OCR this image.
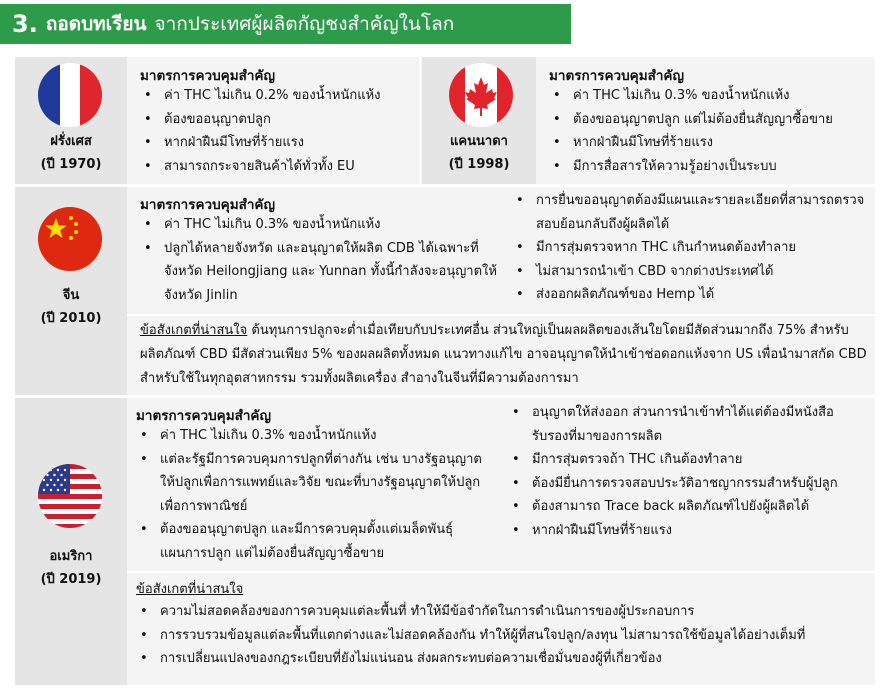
3. ถอดบทเรียน จากประเทศผู้ผลิตกัญชงสำคัญในโลก
ฝรั่งเศส
(ปี 1970)
มาตรการควบคุมสำคัญ
• ค่า THC ไม่เกิน 0.2% ของน้ำหนักแห้ง
• ต้องขออนุญาตปลูก
• หากฝ่าฝืนมีโทษที่ร้ายแรง
• สามารถกระจายสินค้าได้ทั่วทั้ง EU
แคนนาดา
(ปี 1998)
มาตรการควบคุมสำคัญ
• ค่า THC ไม่เกิน 0.3% ของน้ำหนักแห้ง
• ต้องขออนุญาตปลูก แต่ไม่ต้องยื่นสัญญาซื้อขาย
• หากฝ่าฝืนมีโทษที่ร้ายแรง
• มีการสื่อสารให้ความรู้อย่างเป็นระบบ
จีน
(ปี 2010)
มาตรการควบคุมสำคัญ
• ค่า THC ไม่เกิน 0.3% ของน้ำหนักแห้ง
• ปลูกได้หลายจังหวัด และอนุญาตให้ผลิต CDB ได้เฉพาะที่จังหวัด Heilongjiang และ Yunnan ทั้งนี้กำลังจะอนุญาตให้จังหวัด Jinlin
• การยื่นขออนุญาตต้องมีแผนและรายละเอียดที่สามารถตรวจสอบย้อนกลับถึงผู้ผลิตได้
• มีการสุ่มตรวจหาก THC เกินกำหนดต้องทำลาย
• ไม่สามารถนำเข้า CBD จากต่างประเทศได้
• ส่งออกผลิตภัณฑ์ของ Hemp ได้
ข้อสังเกตที่น่าสนใจ ต้นทุนการปลูกจะต่ำเมื่อเทียบกับประเทศอื่น ส่วนใหญ่เป็นผลผลิตของเส้นใยโดยมีสัดส่วนมากถึง 75% สำหรับผลิตภัณฑ์ CBD มีสัดส่วนเพียง 5% ของผลผลิตทั้งหมด แนวทางแก้ไข อาจอนุญาตให้นำเข้าช่อดอกแห้งจาก US เพื่อนำมาสกัด CBD สำหรับใช้ในทุกอุตสาหกรรม รวมทั้งผลิตเครื่อง สำอางในจีนที่มีความต้องการมา
อเมริกา
(ปี 2019)
มาตรการควบคุมสำคัญ
• ค่า THC ไม่เกิน 0.3% ของน้ำหนักแห้ง
• แต่ละรัฐมีการควบคุมการปลูกที่ต่างกัน เช่น บางรัฐอนุญาตให้ปลูกเพื่อการแพทย์และวิจัย ขณะที่บางรัฐอนุญาตให้ปลูกเพื่อการพาณิชย์
• ต้องขออนุญาตปลูก และมีการควบคุมตั้งแต่เมล็ดพันธุ์ แผนการปลูก แต่ไม่ต้องยื่นสัญญาซื้อขาย
• อนุญาตให้ส่งออก ส่วนการนำเข้าทำได้แต่ต้องมีหนังสือรับรองที่มาของการผลิต
• มีการสุ่มตรวจถ้า THC เกินต้องทำลาย
• ต้องมียื่นการตรวจสอบประวัติอาชญากรรมสำหรับผู้ปลูก
• ต้องสามารถ Trace back ผลิตภัณฑ์ไปยังผู้ผลิตได้
• หากฝ่าฝืนมีโทษที่ร้ายแรง
ข้อสังเกตที่น่าสนใจ
• ความไม่สอดคล้องของการควบคุมแต่ละพื้นที่ ทำให้มีข้อจำกัดในการดำเนินการของผู้ประกอบการ
• การรวบรวมข้อมูลแต่ละพื้นที่แตกต่างและไม่สอดคล้องกัน ทำให้ผู้ที่สนใจปลูก/ลงทุน ไม่สามารถใช้ข้อมูลได้อย่างเต็มที่
• การเปลี่ยนแปลงของกฎระเบียบที่ยังไม่แน่นอน ส่งผลกระทบต่อความเชื่อมั่นของผู้ที่เกี่ยวข้อง
